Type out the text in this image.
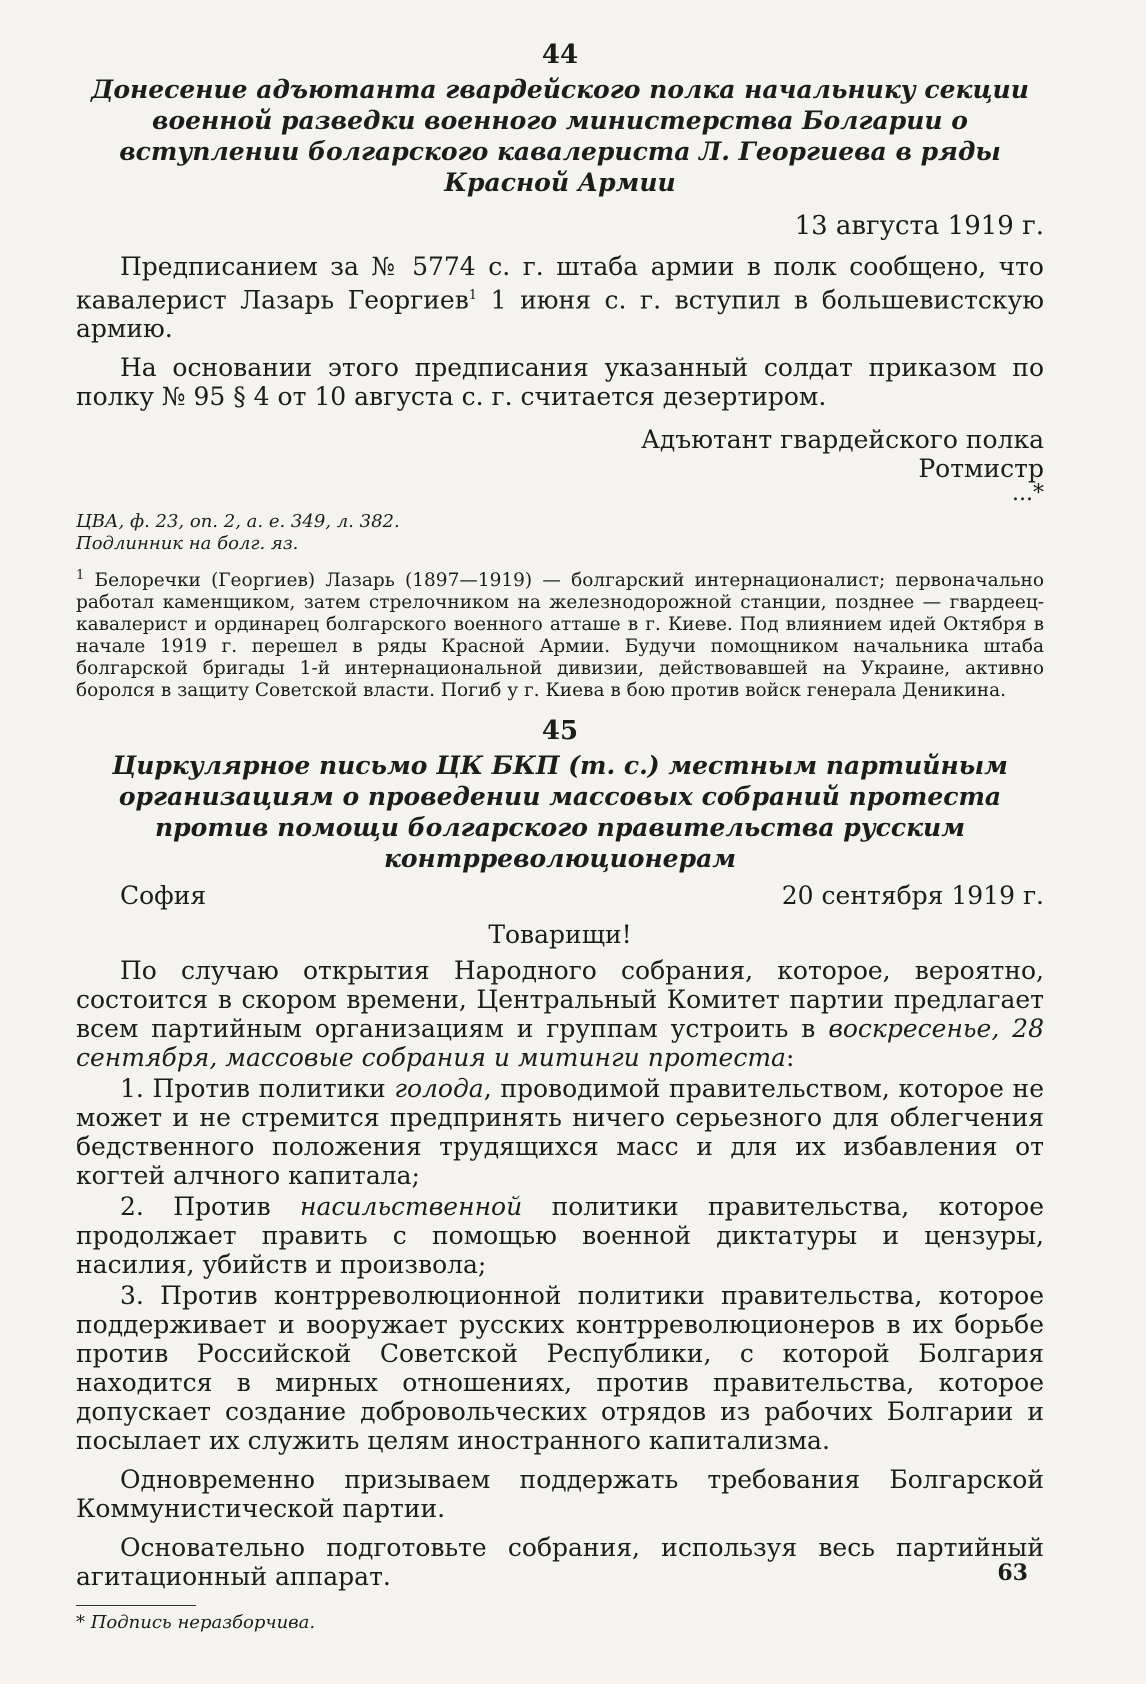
44
Донесение адъютанта гвардейского полка начальнику секции военной разведки военного министерства Болгарии о вступлении болгарского кавалериста Л. Георгиева в ряды Красной Армии
13 августа 1919 г.

Предписанием за № 5774 с. г. штаба армии в полк сообщено, что кавалерист Лазарь Георгиев$^1$ 1 июня с. г. вступил в большевистскую армию.

На основании этого предписания указанный солдат приказом по полку № 95 § 4 от 10 августа с. г. считается дезертиром.

Адъютант гвардейского полка
Ротмистр
...*
ЦВА, ф. 23, оп. 2, а. е. 349, л. 382.
Подлинник на болг. яз.
$^1$ Белоречки (Георгиев) Лазарь (1897—1919) — болгарский интернационалист; первоначально работал каменщиком, затем стрелочником на железнодорожной станции, позднее — гвардеец-кавалерист и ординарец болгарского военного атташе в г. Киеве. Под влиянием идей Октября в начале 1919 г. перешел в ряды Красной Армии. Будучи помощником начальника штаба болгарской бригады 1-й интернациональной дивизии, действовавшей на Украине, активно боролся в защиту Советской власти. Погиб у г. Киева в бою против войск генерала Деникина.
45
Циркулярное письмо ЦК БКП (т. с.) местным партийным организациям о проведении массовых собраний протеста против помощи болгарского правительства русским контрреволюционерам
София	20 сентября 1919 г.
Товарищи!

По случаю открытия Народного собрания, которое, вероятно, состоится в скором времени, Центральный Комитет партии предлагает всем партийным организациям и группам устроить в воскресенье, 28 сентября, массовые собрания и митинги протеста:

1. Против политики голода, проводимой правительством, которое не может и не стремится предпринять ничего серьезного для облегчения бедственного положения трудящихся масс и для их избавления от когтей алчного капитала;

2. Против насильственной политики правительства, которое продолжает править с помощью военной диктатуры и цензуры, насилия, убийств и произвола;

3. Против контрреволюционной политики правительства, которое поддерживает и вооружает русских контрреволюционеров в их борьбе против Российской Советской Республики, с которой Болгария находится в мирных отношениях, против правительства, которое допускает создание добровольческих отрядов из рабочих Болгарии и посылает их служить целям иностранного капитализма.

Одновременно призываем поддержать требования Болгарской Коммунистической партии.

Основательно подготовьте собрания, используя весь партийный агитационный аппарат.

* Подпись неразборчива.
63
